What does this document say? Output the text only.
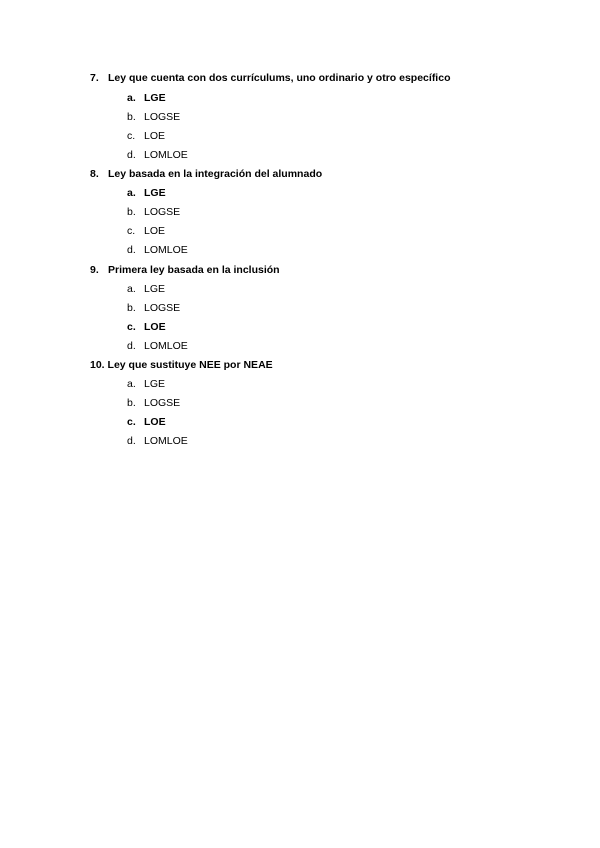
7. Ley que cuenta con dos currículums, uno ordinario y otro específico
a. LGE
b. LOGSE
c. LOE
d. LOMLOE
8. Ley basada en la integración del alumnado
a. LGE
b. LOGSE
c. LOE
d. LOMLOE
9. Primera ley basada en la inclusión
a. LGE
b. LOGSE
c. LOE
d. LOMLOE
10. Ley que sustituye NEE por NEAE
a. LGE
b. LOGSE
c. LOE
d. LOMLOE
